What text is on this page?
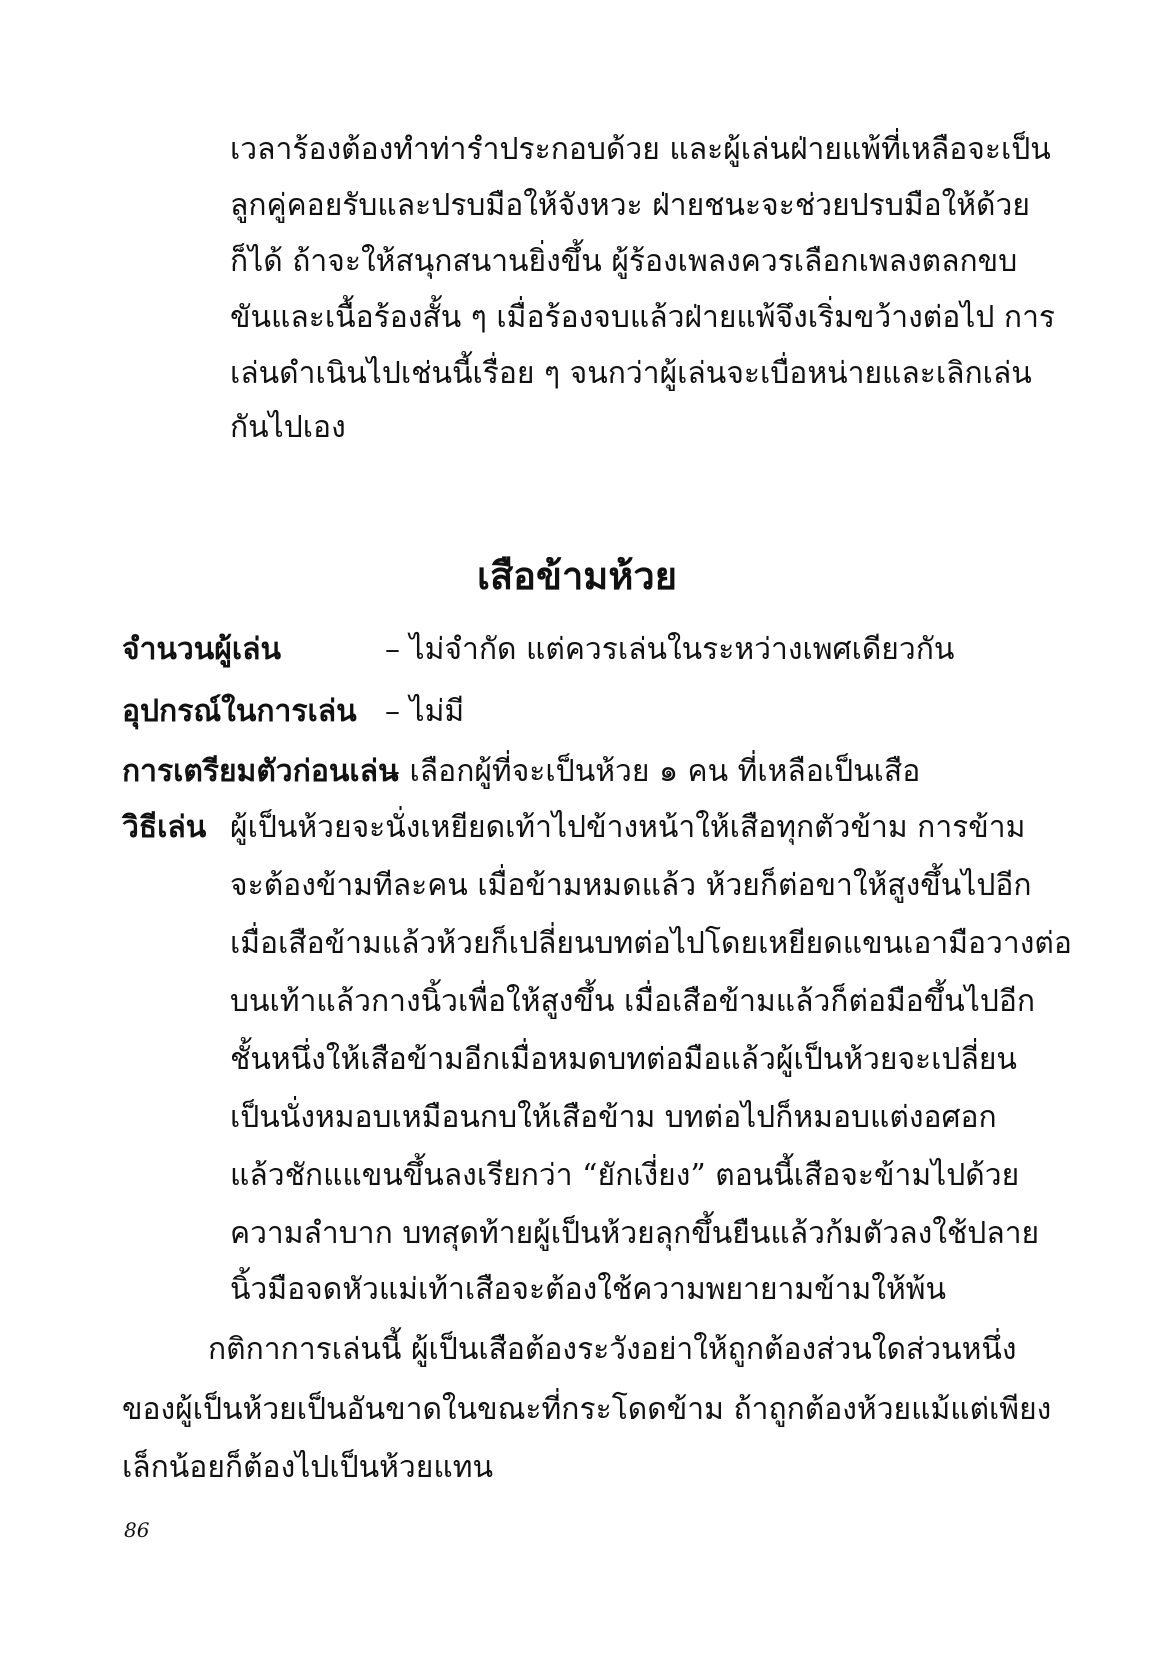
เวลาร้องต้องทำท่ารำประกอบด้วย และผู้เล่นฝ่ายแพ้ที่เหลือจะเป็น
ลูกคู่คอยรับและปรบมือให้จังหวะ ฝ่ายชนะจะช่วยปรบมือให้ด้วย
ก็ได้ ถ้าจะให้สนุกสนานยิ่งขึ้น ผู้ร้องเพลงควรเลือกเพลงตลกขบ
ขันและเนื้อร้องสั้น ๆ เมื่อร้องจบแล้วฝ่ายแพ้จึงเริ่มขว้างต่อไป การ
เล่นดำเนินไปเช่นนี้เรื่อย ๆ จนกว่าผู้เล่นจะเบื่อหน่ายและเลิกเล่น
กันไปเอง
เสือข้ามห้วย
จำนวนผู้เล่น	– ไม่จำกัด แต่ควรเล่นในระหว่างเพศเดียวกัน
อุปกรณ์ในการเล่น – ไม่มี
การเตรียมตัวก่อนเล่น
– เลือกผู้ที่จะเป็นห้วย ๑ คน ที่เหลือเป็นเสือ
วิธีเล่น ผู้เป็นห้วยจะนั่งเหยียดเท้าไปข้างหน้าให้เสือทุกตัวข้าม การข้าม
จะต้องข้ามทีละคน เมื่อข้ามหมดแล้ว ห้วยก็ต่อขาให้สูงขึ้นไปอีก
เมื่อเสือข้ามแล้วห้วยก็เปลี่ยนบทต่อไปโดยเหยียดแขนเอามือวางต่อ
บนเท้าแล้วกางนิ้วเพื่อให้สูงขึ้น เมื่อเสือข้ามแล้วก็ต่อมือขึ้นไปอีก
ชั้นหนึ่งให้เสือข้ามอีกเมื่อหมดบทต่อมือแล้วผู้เป็นห้วยจะเปลี่ยน
เป็นนั่งหมอบเหมือนกบให้เสือข้าม บทต่อไปก็หมอบแต่งอศอก
แล้วชักแแขนขึ้นลงเรียกว่า “ยักเงี่ยง” ตอนนี้เสือจะข้ามไปด้วย
ความลำบาก บทสุดท้ายผู้เป็นห้วยลุกขึ้นยืนแล้วก้มตัวลงใช้ปลาย
นิ้วมือจดหัวแม่เท้าเสือจะต้องใช้ความพยายามข้ามให้พ้น
กติกาการเล่นนี้ ผู้เป็นเสือต้องระวังอย่าให้ถูกต้องส่วนใดส่วนหนึ่ง
ของผู้เป็นห้วยเป็นอันขาดในขณะที่กระโดดข้าม ถ้าถูกต้องห้วยแม้แต่เพียง
เล็กน้อยก็ต้องไปเป็นห้วยแทน
86
